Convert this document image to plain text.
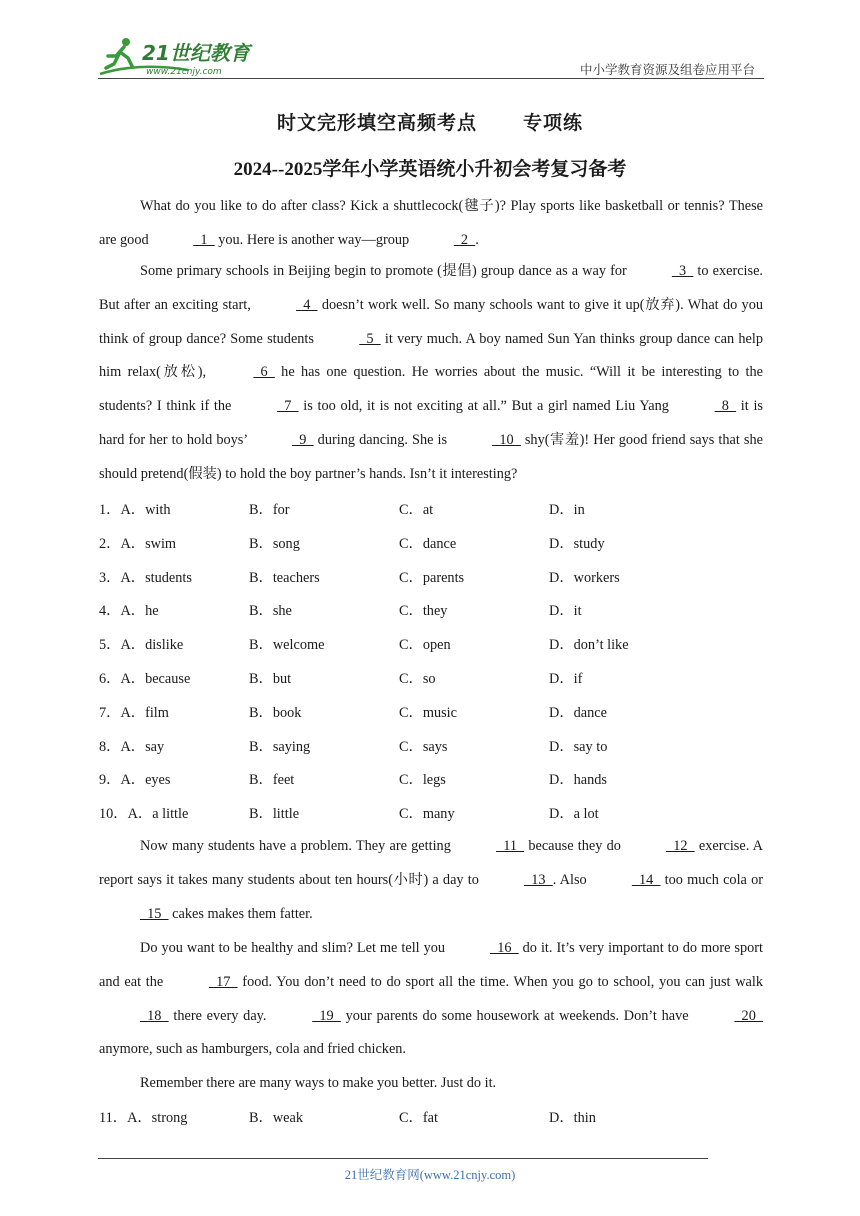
21世纪教育
www.21cnjy.com	中小学教育资源及组卷应用平台
时文完形填空高频考点 专项练
2024--2025学年小学英语统小升初会考复习备考

What do you like to do after class? Kick a shuttlecock(毽子)? Play sports like basketball or tennis? These are good	1   you. Here is another way—group	2  .

Some primary schools in Beijing begin to promote (提倡) group dance as a way for	3   to exercise. But after an exciting start,	4   doesn’t work well. So many schools want to give it up(放弃). What do you think of group dance? Some students	5   it very much. A boy named Sun Yan thinks group dance can help him relax(放松),	6   he has one question. He worries about the music. “Will it be interesting to the students? I think if the	7   is too old, it is not exciting at all.” But a girl named Liu Yang	8   it is hard for her to hold boys’	9   during dancing. She is	10   shy(害羞)! Her good friend says that she should pretend(假装) to hold the boy partner’s hands. Isn’t it interesting?

1．A．with	B．for	C．at	D．in
2．A．swim	B．song	C．dance	D．study
3．A．students	B．teachers	C．parents	D．workers
4．A．he	B．she	C．they	D．it
5．A．dislike	B．welcome	C．open	D．don’t like
6．A．because	B．but	C．so	D．if
7．A．film	B．book	C．music	D．dance
8．A．say	B．saying	C．says	D．say to
9．A．eyes	B．feet	C．legs	D．hands
10．A．a little	B．little	C．many	D．a lot

Now many students have a problem. They are getting	11   because they do	12   exercise. A report says it takes many students about ten hours(小时) a day to	13  . Also	14   too much cola or   15   cakes makes them fatter.

Do you want to be healthy and slim? Let me tell you	16   do it. It’s very important to do more sport and eat the	17   food. You don’t need to do sport all the time. When you go to school, you can just walk   18   there every day.	19   your parents do some housework at weekends. Don’t have	20   anymore, such as hamburgers, cola and fried chicken.

Remember there are many ways to make you better. Just do it.

11．A．strong	B．weak	C．fat	D．thin
21世纪教育网(www.21cnjy.com)
